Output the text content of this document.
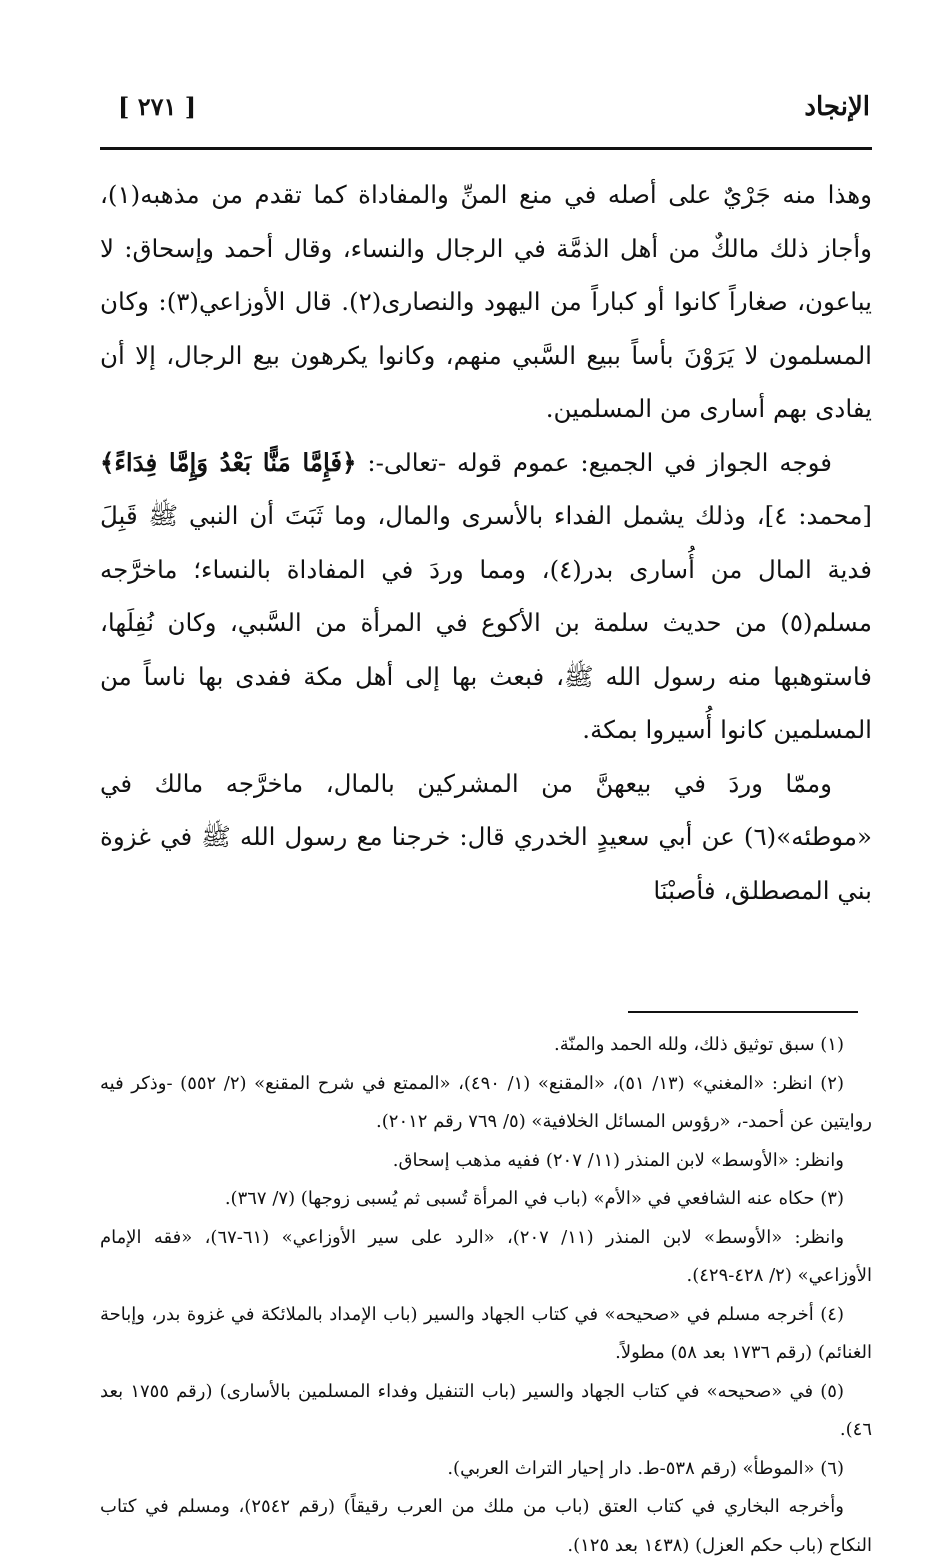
الإنجاد
[ ٢٧١ ]

وهذا منه جَرْيٌ على أصله في منع المنِّ والمفاداة كما تقدم من مذهبه(١)، وأجاز ذلك مالكٌ من أهل الذمَّة في الرجال والنساء، وقال أحمد وإسحاق: لا يباعون، صغاراً كانوا أو كباراً من اليهود والنصارى(٢). قال الأوزاعي(٣): وكان المسلمون لا يَرَوْنَ بأساً ببيع السَّبي منهم، وكانوا يكرهون بيع الرجال، إلا أن يفادى بهم أسارى من المسلمين.

فوجه الجواز في الجميع: عموم قوله -تعالى-: ﴿فَإِمَّا مَنًّا بَعْدُ وَإِمَّا فِدَاءً﴾ [محمد: ٤]، وذلك يشمل الفداء بالأسرى والمال، وما ثَبَتَ أن النبي ﷺ قَبِلَ فدية المال من أُسارى بدر(٤)، ومما وردَ في المفاداة بالنساء؛ ماخرَّجه مسلم(٥) من حديث سلمة بن الأكوع في المرأة من السَّبي، وكان نُفِلَها، فاستوهبها منه رسول الله ﷺ، فبعث بها إلى أهل مكة ففدى بها ناساً من المسلمين كانوا أُسيروا بمكة.

وممّا وردَ في بيعهنَّ من المشركين بالمال، ماخرَّجه مالك في «موطئه»(٦) عن أبي سعيدٍ الخدري قال: خرجنا مع رسول الله ﷺ في غزوة بني المصطلق، فأصبْنَا

(١) سبق توثيق ذلك، ولله الحمد والمنّة.

(٢) انظر: «المغني» (١٣/ ٥١)، «المقنع» (١/ ٤٩٠)، «الممتع في شرح المقنع» (٢/ ٥٥٢) -وذكر فيه روايتين عن أحمد-، «رؤوس المسائل الخلافية» (٥/ ٧٦٩ رقم ٢٠١٢).

وانظر: «الأوسط» لابن المنذر (١١/ ٢٠٧) ففيه مذهب إسحاق.

(٣) حكاه عنه الشافعي في «الأم» (باب في المرأة تُسبى ثم يُسبى زوجها) (٧/ ٣٦٧).

وانظر: «الأوسط» لابن المنذر (١١/ ٢٠٧)، «الرد على سير الأوزاعي» (٦١-٦٧)، «فقه الإمام الأوزاعي» (٢/ ٤٢٨-٤٢٩).

(٤) أخرجه مسلم في «صحيحه» في كتاب الجهاد والسير (باب الإمداد بالملائكة في غزوة بدر، وإباحة الغنائم) (رقم ١٧٣٦ بعد ٥٨) مطولاً.

(٥) في «صحيحه» في كتاب الجهاد والسير (باب التنفيل وفداء المسلمين بالأسارى) (رقم ١٧٥٥ بعد ٤٦).

(٦) «الموطأ» (رقم ٥٣٨-ط. دار إحيار التراث العربي).

وأخرجه البخاري في كتاب العتق (باب من ملك من العرب رقيقاً) (رقم ٢٥٤٢)، ومسلم في كتاب النكاح (باب حكم العزل) (١٤٣٨ بعد ١٢٥).
